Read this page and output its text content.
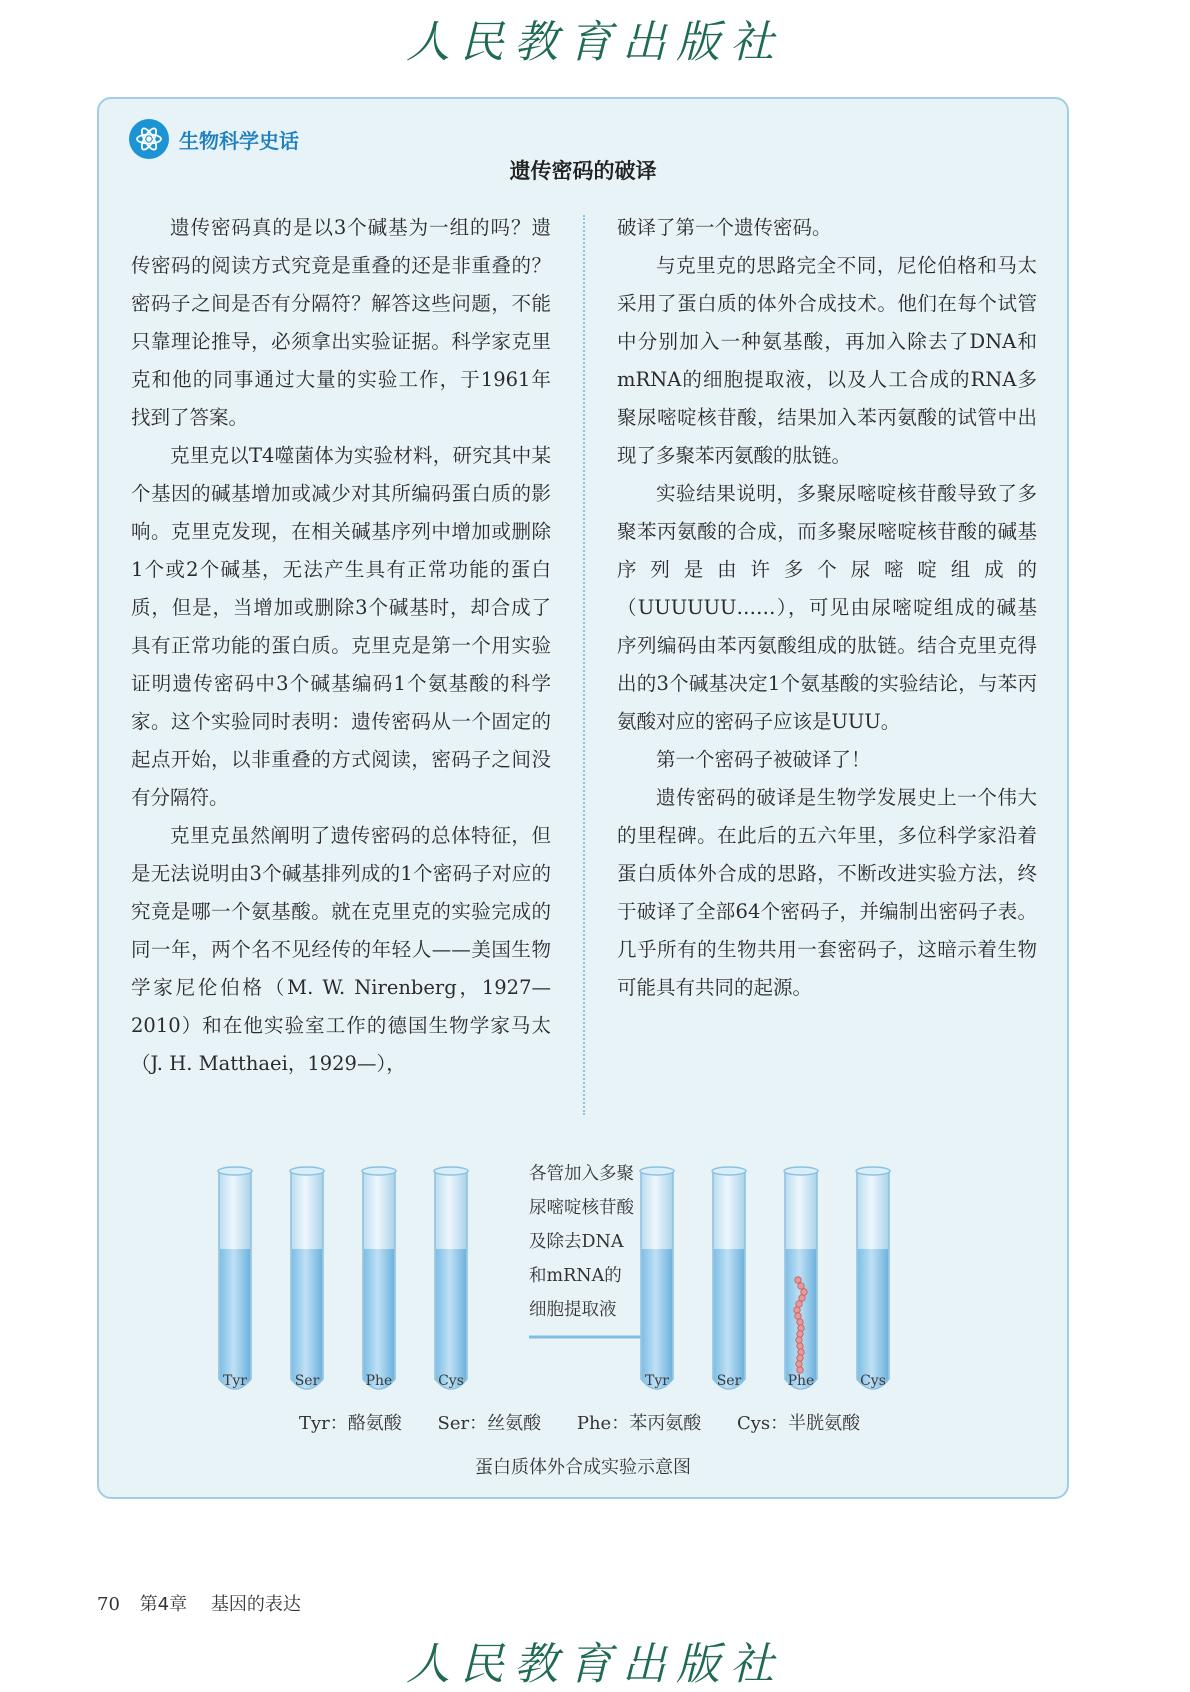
人民教育出版社
生物科学史话
遗传密码的破译

遗传密码真的是以3个碱基为一组的吗？遗传密码的阅读方式究竟是重叠的还是非重叠的？密码子之间是否有分隔符？解答这些问题，不能只靠理论推导，必须拿出实验证据。科学家克里克和他的同事通过大量的实验工作，于1961年找到了答案。

克里克以T4噬菌体为实验材料，研究其中某个基因的碱基增加或减少对其所编码蛋白质的影响。克里克发现，在相关碱基序列中增加或删除1个或2个碱基，无法产生具有正常功能的蛋白质，但是，当增加或删除3个碱基时，却合成了具有正常功能的蛋白质。克里克是第一个用实验证明遗传密码中3个碱基编码1个氨基酸的科学家。这个实验同时表明：遗传密码从一个固定的起点开始，以非重叠的方式阅读，密码子之间没有分隔符。

克里克虽然阐明了遗传密码的总体特征，但是无法说明由3个碱基排列成的1个密码子对应的究竟是哪一个氨基酸。就在克里克的实验完成的同一年，两个名不见经传的年轻人——美国生物学家尼伦伯格（M. W. Nirenberg，1927—2010）和在他实验室工作的德国生物学家马太（J. H. Matthaei，1929—），

破译了第一个遗传密码。

与克里克的思路完全不同，尼伦伯格和马太采用了蛋白质的体外合成技术。他们在每个试管中分别加入一种氨基酸，再加入除去了DNA和mRNA的细胞提取液，以及人工合成的RNA多聚尿嘧啶核苷酸，结果加入苯丙氨酸的试管中出现了多聚苯丙氨酸的肽链。

实验结果说明，多聚尿嘧啶核苷酸导致了多聚苯丙氨酸的合成，而多聚尿嘧啶核苷酸的碱基序列是由许多个尿嘧啶组成的（UUUUUU……），可见由尿嘧啶组成的碱基序列编码由苯丙氨酸组成的肽链。结合克里克得出的3个碱基决定1个氨基酸的实验结论，与苯丙氨酸对应的密码子应该是UUU。

第一个密码子被破译了！

遗传密码的破译是生物学发展史上一个伟大的里程碑。在此后的五六年里，多位科学家沿着蛋白质体外合成的思路，不断改进实验方法，终于破译了全部64个密码子，并编制出密码子表。几乎所有的生物共用一套密码子，这暗示着生物可能具有共同的起源。

Tyr	Ser	Phe	Cys
各管加入多聚
尿嘧啶核苷酸
及除去DNA
和mRNA的
细胞提取液
Tyr	Ser	Phe	Cys
Tyr：酪氨酸 Ser：丝氨酸 Phe：苯丙氨酸 Cys：半胱氨酸
蛋白质体外合成实验示意图
70 第4章 基因的表达
人民教育出版社
